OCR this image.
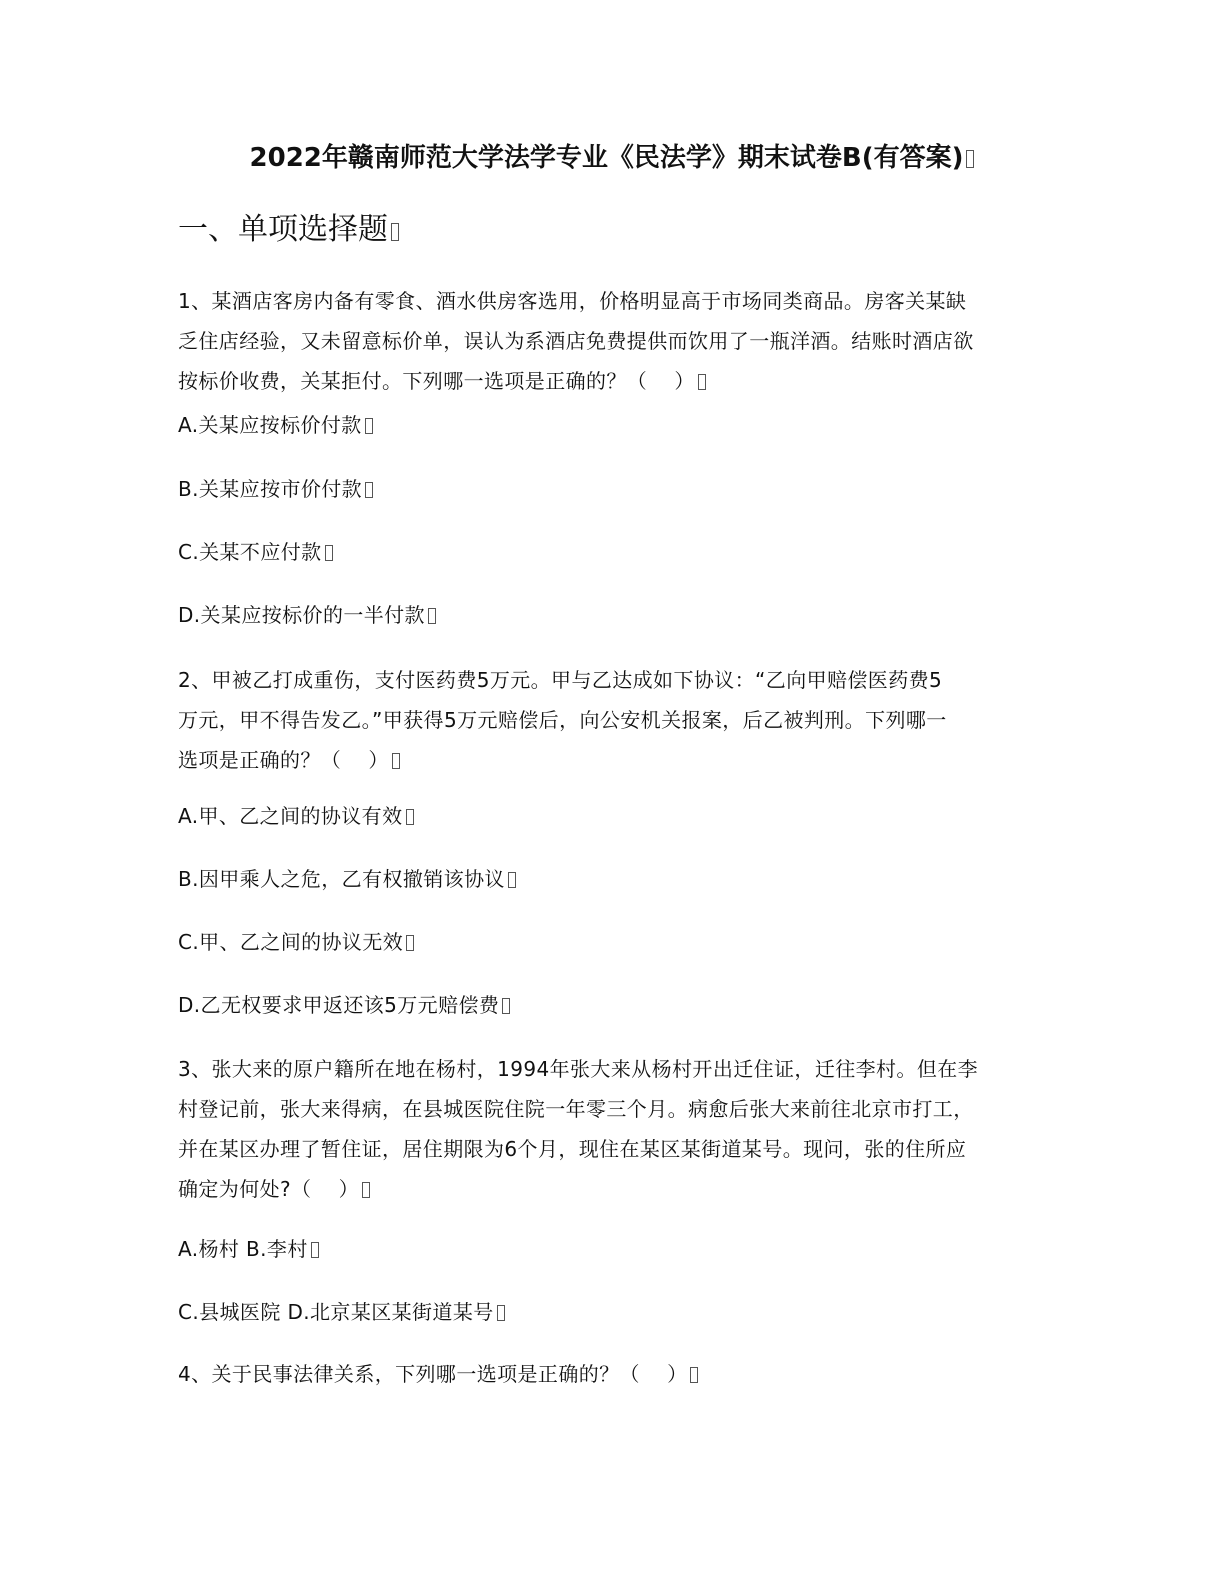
2022年赣南师范大学法学专业《民法学》期末试卷B(有答案)
一、单项选择题
1、某酒店客房内备有零食、酒水供房客选用，价格明显高于市场同类商品。房客关某缺
乏住店经验，又未留意标价单，误认为系酒店免费提供而饮用了一瓶洋酒。结账时酒店欲
按标价收费，关某拒付。下列哪一选项是正确的？（　 ）
A.关某应按标价付款
B.关某应按市价付款
C.关某不应付款
D.关某应按标价的一半付款
2、甲被乙打成重伤，支付医药费5万元。甲与乙达成如下协议：“乙向甲赔偿医药费5
万元，甲不得告发乙。”甲获得5万元赔偿后，向公安机关报案，后乙被判刑。下列哪一
选项是正确的？（　 ）
A.甲、乙之间的协议有效
B.因甲乘人之危，乙有权撤销该协议
C.甲、乙之间的协议无效
D.乙无权要求甲返还该5万元赔偿费
3、张大来的原户籍所在地在杨村，1994年张大来从杨村开出迁住证，迁往李村。但在李
村登记前，张大来得病，在县城医院住院一年零三个月。病愈后张大来前往北京市打工，
并在某区办理了暂住证，居住期限为6个月，现住在某区某街道某号。现问，张的住所应
确定为何处?（　 ）
A.杨村 B.李村
C.县城医院 D.北京某区某街道某号
4、关于民事法律关系，下列哪一选项是正确的？（　 ）
